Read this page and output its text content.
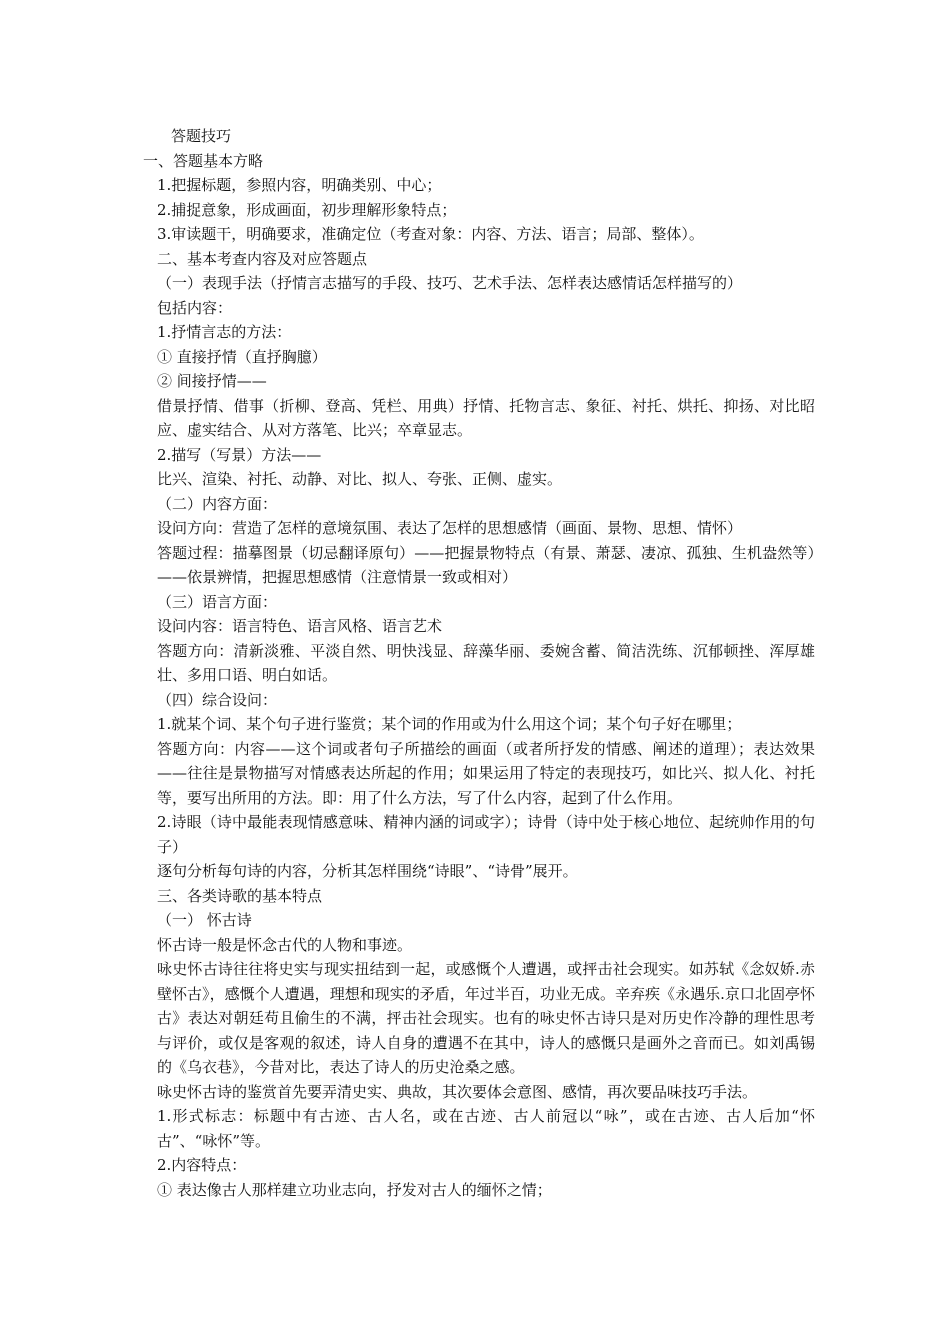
答题技巧

一、答题基本方略

1.把握标题，参照内容，明确类别、中心；

2.捕捉意象，形成画面，初步理解形象特点；

3.审读题干，明确要求，准确定位（考查对象：内容、方法、语言；局部、整体）。

二、基本考查内容及对应答题点

（一）表现手法（抒情言志描写的手段、技巧、艺术手法、怎样表达感情话怎样描写的）

包括内容：

1.抒情言志的方法：

① 直接抒情（直抒胸臆）

② 间接抒情——

借景抒情、借事（折柳、登高、凭栏、用典）抒情、托物言志、象征、衬托、烘托、抑扬、对比昭应、虚实结合、从对方落笔、比兴；卒章显志。

2.描写（写景）方法——

比兴、渲染、衬托、动静、对比、拟人、夸张、正侧、虚实。

（二）内容方面：

设问方向：营造了怎样的意境氛围、表达了怎样的思想感情（画面、景物、思想、情怀）

答题过程：描摹图景（切忌翻译原句）——把握景物特点（有景、萧瑟、凄凉、孤独、生机盎然等）——依景辨情，把握思想感情（注意情景一致或相对）

（三）语言方面：

设问内容：语言特色、语言风格、语言艺术

答题方向：清新淡雅、平淡自然、明快浅显、辞藻华丽、委婉含蓄、简洁洗练、沉郁顿挫、浑厚雄壮、多用口语、明白如话。

（四）综合设问：

1.就某个词、某个句子进行鉴赏；某个词的作用或为什么用这个词；某个句子好在哪里；

答题方向：内容——这个词或者句子所描绘的画面（或者所抒发的情感、阐述的道理）；表达效果——往往是景物描写对情感表达所起的作用；如果运用了特定的表现技巧，如比兴、拟人化、衬托等，要写出所用的方法。即：用了什么方法，写了什么内容，起到了什么作用。

2.诗眼（诗中最能表现情感意味、精神内涵的词或字）；诗骨（诗中处于核心地位、起统帅作用的句子）

逐句分析每句诗的内容，分析其怎样围绕“诗眼”、“诗骨”展开。

三、各类诗歌的基本特点

（一） 怀古诗

怀古诗一般是怀念古代的人物和事迹。

咏史怀古诗往往将史实与现实扭结到一起，或感慨个人遭遇，或抨击社会现实。如苏轼《念奴娇.赤壁怀古》，感慨个人遭遇，理想和现实的矛盾，年过半百，功业无成。辛弃疾《永遇乐.京口北固亭怀古》表达对朝廷苟且偷生的不满，抨击社会现实。也有的咏史怀古诗只是对历史作冷静的理性思考与评价，或仅是客观的叙述，诗人自身的遭遇不在其中，诗人的感慨只是画外之音而已。如刘禹锡的《乌衣巷》，今昔对比，表达了诗人的历史沧桑之感。

咏史怀古诗的鉴赏首先要弄清史实、典故，其次要体会意图、感情，再次要品味技巧手法。

1.形式标志：标题中有古迹、古人名，或在古迹、古人前冠以“咏”，或在古迹、古人后加“怀古”、“咏怀”等。

2.内容特点：

① 表达像古人那样建立功业志向，抒发对古人的缅怀之情；
